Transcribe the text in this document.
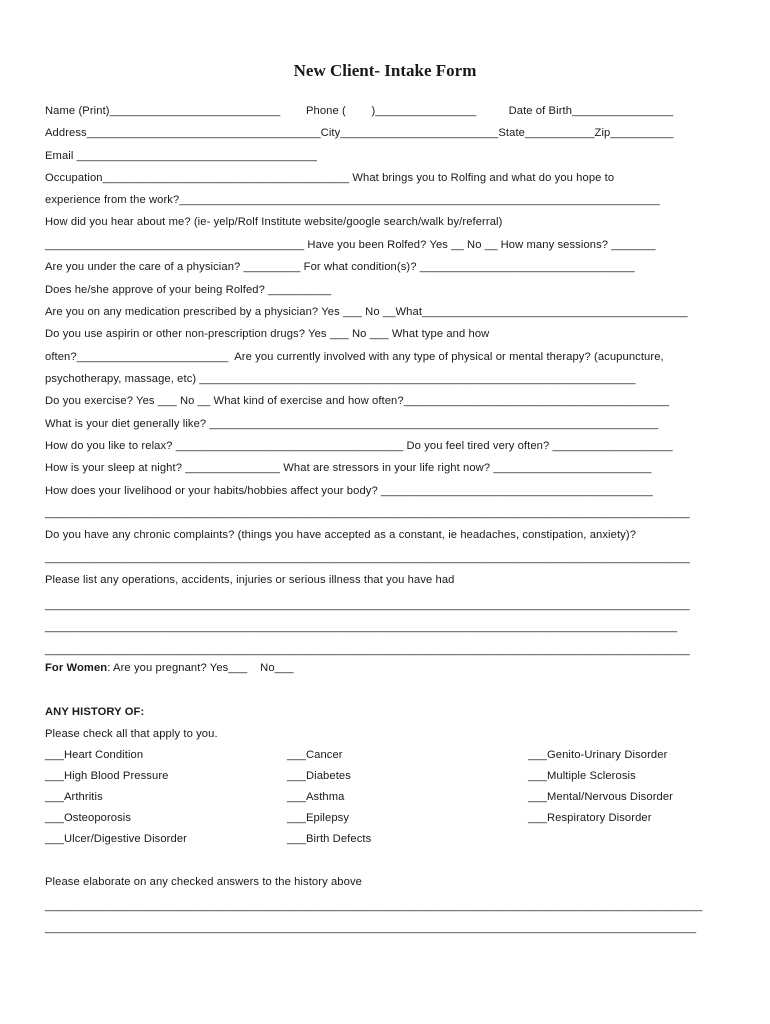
New Client- Intake Form
Name (Print)___________________________        Phone (        )________________          Date of Birth________________
Address_____________________________________City_________________________State___________Zip__________
Email ______________________________________
Occupation_______________________________________ What brings you to Rolfing and what do you hope to
experience from the work?____________________________________________________________________________
How did you hear about me? (ie- yelp/Rolf Institute website/google search/walk by/referral)
_________________________________________ Have you been Rolfed? Yes __ No __ How many sessions? _______
Are you under the care of a physician? _________ For what condition(s)? __________________________________
Does he/she approve of your being Rolfed? __________
Are you on any medication prescribed by a physician? Yes ___ No __What__________________________________________
Do you use aspirin or other non-prescription drugs? Yes ___ No ___ What type and how
often?________________________  Are you currently involved with any type of physical or mental therapy? (acupuncture,
psychotherapy, massage, etc) _____________________________________________________________________
Do you exercise? Yes ___ No __ What kind of exercise and how often?__________________________________________
What is your diet generally like? _______________________________________________________________________
How do you like to relax? ____________________________________ Do you feel tired very often? ___________________
How is your sleep at night? _______________ What are stressors in your life right now? _________________________
How does your livelihood or your habits/hobbies affect your body? ___________________________________________
______________________________________________________________________________________________________
Do you have any chronic complaints? (things you have accepted as a constant, ie headaches, constipation, anxiety)?
______________________________________________________________________________________________________
Please list any operations, accidents, injuries or serious illness that you have had
______________________________________________________________________________________________________
____________________________________________________________________________________________________
______________________________________________________________________________________________________
For Women: Are you pregnant? Yes___    No___
ANY HISTORY OF:
Please check all that apply to you.
___Heart Condition
___High Blood Pressure
___Arthritis
___Osteoporosis
___Ulcer/Digestive Disorder
___Cancer
___Diabetes
___Asthma
___Epilepsy
___Birth Defects
___Genito-Urinary Disorder
___Multiple Sclerosis
___Mental/Nervous Disorder
___Respiratory Disorder
Please elaborate on any checked answers to the history above
________________________________________________________________________________________________________
_______________________________________________________________________________________________________
